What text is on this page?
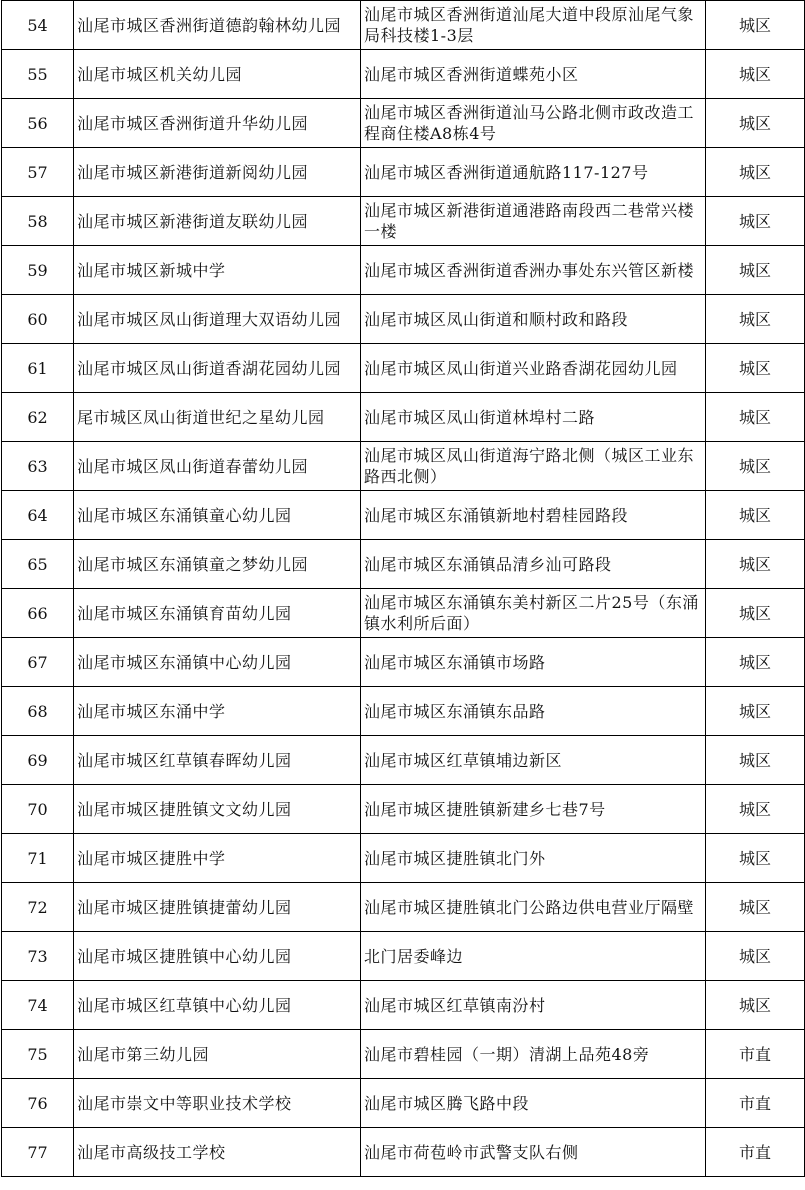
54	汕尾市城区香洲街道德韵翰林幼儿园	汕尾市城区香洲街道汕尾大道中段原汕尾气象局科技楼1-3层	城区
55	汕尾市城区机关幼儿园	汕尾市城区香洲街道蝶苑小区	城区
56	汕尾市城区香洲街道升华幼儿园	汕尾市城区香洲街道汕马公路北侧市政改造工程商住楼A8栋4号	城区
57	汕尾市城区新港街道新阅幼儿园	汕尾市城区香洲街道通航路117-127号	城区
58	汕尾市城区新港街道友联幼儿园	汕尾市城区新港街道通港路南段西二巷常兴楼一楼	城区
59	汕尾市城区新城中学	汕尾市城区香洲街道香洲办事处东兴管区新楼	城区
60	汕尾市城区凤山街道理大双语幼儿园	汕尾市城区凤山街道和顺村政和路段	城区
61	汕尾市城区凤山街道香湖花园幼儿园	汕尾市城区凤山街道兴业路香湖花园幼儿园	城区
62	尾市城区凤山街道世纪之星幼儿园	汕尾市城区凤山街道林埠村二路	城区
63	汕尾市城区凤山街道春蕾幼儿园	汕尾市城区凤山街道海宁路北侧（城区工业东路西北侧）	城区
64	汕尾市城区东涌镇童心幼儿园	汕尾市城区东涌镇新地村碧桂园路段	城区
65	汕尾市城区东涌镇童之梦幼儿园	汕尾市城区东涌镇品清乡汕可路段	城区
66	汕尾市城区东涌镇育苗幼儿园	汕尾市城区东涌镇东美村新区二片25号（东涌镇水利所后面）	城区
67	汕尾市城区东涌镇中心幼儿园	汕尾市城区东涌镇市场路	城区
68	汕尾市城区东涌中学	汕尾市城区东涌镇东品路	城区
69	汕尾市城区红草镇春晖幼儿园	汕尾市城区红草镇埔边新区	城区
70	汕尾市城区捷胜镇文文幼儿园	汕尾市城区捷胜镇新建乡七巷7号	城区
71	汕尾市城区捷胜中学	汕尾市城区捷胜镇北门外	城区
72	汕尾市城区捷胜镇捷蕾幼儿园	汕尾市城区捷胜镇北门公路边供电营业厅隔壁	城区
73	汕尾市城区捷胜镇中心幼儿园	北门居委峰边	城区
74	汕尾市城区红草镇中心幼儿园	汕尾市城区红草镇南汾村	城区
75	汕尾市第三幼儿园	汕尾市碧桂园（一期）清湖上品苑48旁	市直
76	汕尾市崇文中等职业技术学校	汕尾市城区腾飞路中段	市直
77	汕尾市高级技工学校	汕尾市荷苞岭市武警支队右侧	市直
